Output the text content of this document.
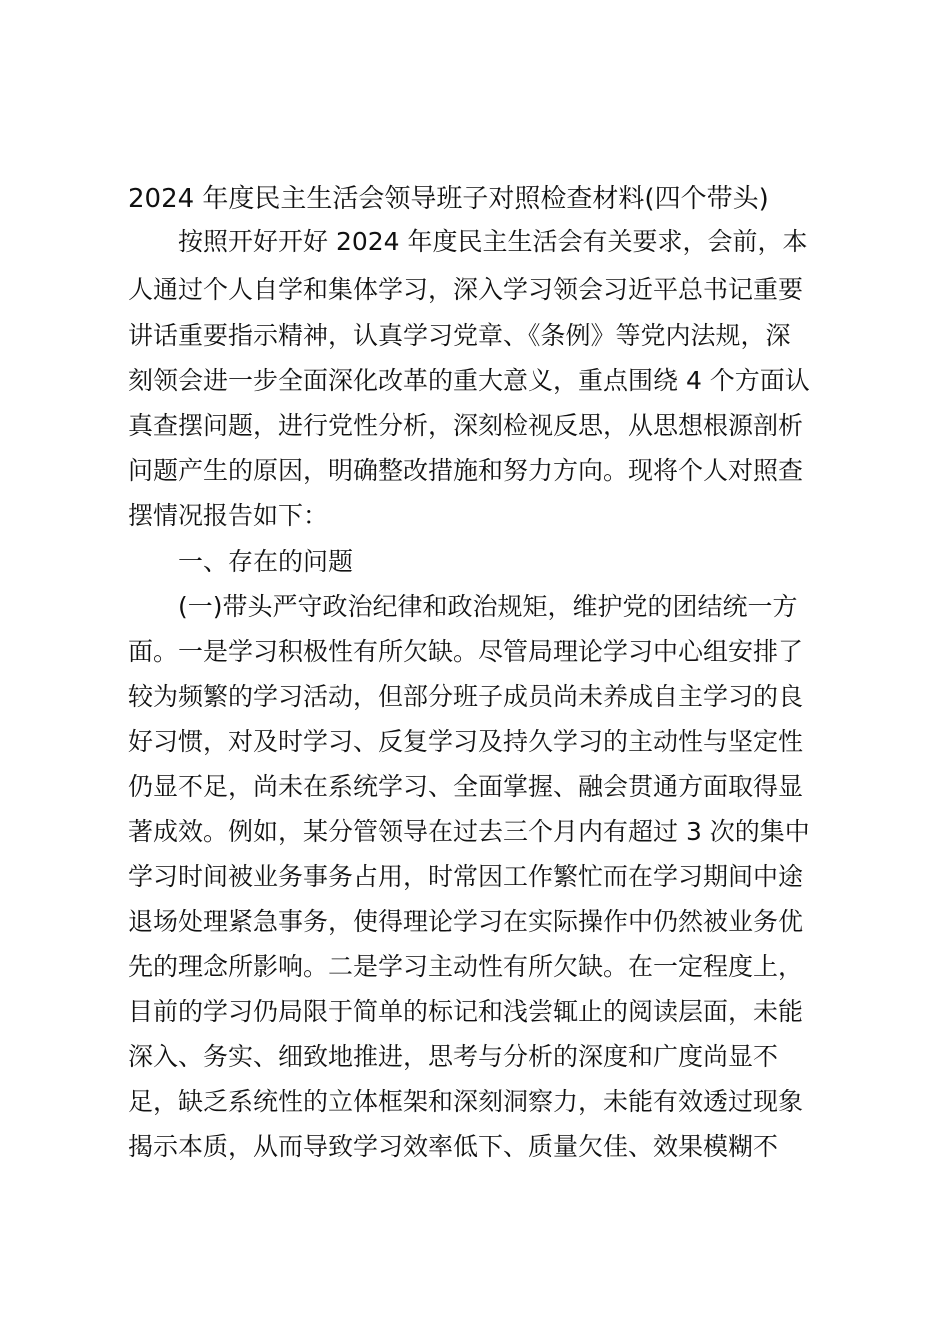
2024 年度民主生活会领导班子对照检查材料(四个带头)
　　按照开好开好 2024 年度民主生活会有关要求，会前，本
人通过个人自学和集体学习，深入学习领会习近平总书记重要
讲话重要指示精神，认真学习党章、《条例》等党内法规，深
刻领会进一步全面深化改革的重大意义，重点围绕 4 个方面认
真查摆问题，进行党性分析，深刻检视反思，从思想根源剖析
问题产生的原因，明确整改措施和努力方向。现将个人对照查
摆情况报告如下：
　　一、存在的问题
　　(一)带头严守政治纪律和政治规矩，维护党的团结统一方
面。一是学习积极性有所欠缺。尽管局理论学习中心组安排了
较为频繁的学习活动，但部分班子成员尚未养成自主学习的良
好习惯，对及时学习、反复学习及持久学习的主动性与坚定性
仍显不足，尚未在系统学习、全面掌握、融会贯通方面取得显
著成效。例如，某分管领导在过去三个月内有超过 3 次的集中
学习时间被业务事务占用，时常因工作繁忙而在学习期间中途
退场处理紧急事务，使得理论学习在实际操作中仍然被业务优
先的理念所影响。二是学习主动性有所欠缺。在一定程度上，
目前的学习仍局限于简单的标记和浅尝辄止的阅读层面，未能
深入、务实、细致地推进，思考与分析的深度和广度尚显不
足，缺乏系统性的立体框架和深刻洞察力，未能有效透过现象
揭示本质，从而导致学习效率低下、质量欠佳、效果模糊不
